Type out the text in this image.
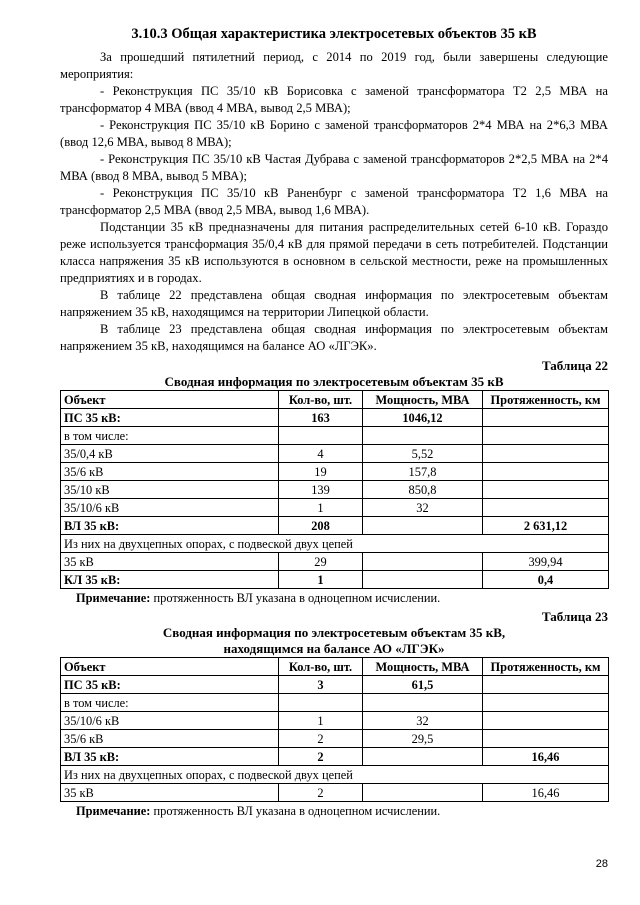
3.10.3 Общая характеристика электросетевых объектов 35 кВ

За прошедший пятилетний период, с 2014 по 2019 год, были завершены следующие мероприятия:

- Реконструкция ПС 35/10 кВ Борисовка с заменой трансформатора Т2 2,5 МВА на трансформатор 4 МВА (ввод 4 МВА, вывод 2,5 МВА);

- Реконструкция ПС 35/10 кВ Борино с заменой трансформаторов 2*4 МВА на 2*6,3 МВА (ввод 12,6 МВА, вывод 8 МВА);

- Реконструкция ПС 35/10 кВ Частая Дубрава с заменой трансформаторов 2*2,5 МВА на 2*4 МВА (ввод 8 МВА, вывод 5 МВА);

- Реконструкция ПС 35/10 кВ Раненбург с заменой трансформатора Т2 1,6 МВА на трансформатор 2,5 МВА (ввод 2,5 МВА, вывод 1,6 МВА).

Подстанции 35 кВ предназначены для питания распределительных сетей 6-10 кВ. Гораздо реже используется трансформация 35/0,4 кВ для прямой передачи в сеть потребителей. Подстанции класса напряжения 35 кВ используются в основном в сельской местности, реже на промышленных предприятиях и в городах.

В таблице 22 представлена общая сводная информация по электросетевым объектам напряжением 35 кВ, находящимся на территории Липецкой области.

В таблице 23 представлена общая сводная информация по электросетевым объектам напряжением 35 кВ, находящимся на балансе АО «ЛГЭК».

Таблица 22
Сводная информация по электросетевым объектам 35 кВ
Объект	Кол-во, шт.	Мощность, МВА	Протяженность, км
ПС 35 кВ:	163	1046,12	
в том числе:			
35/0,4 кВ	4	5,52	
35/6 кВ	19	157,8	
35/10 кВ	139	850,8	
35/10/6 кВ	1	32	
ВЛ 35 кВ:	208		2 631,12
Из них на двухцепных опорах, с подвеской двух цепей			
35 кВ	29		399,94
КЛ 35 кВ:	1		0,4
Примечание: протяженность ВЛ указана в одноцепном исчислении.
Таблица 23
Сводная информация по электросетевым объектам 35 кВ,
находящимся на балансе АО «ЛГЭК»
Объект	Кол-во, шт.	Мощность, МВА	Протяженность, км
ПС 35 кВ:	3	61,5	
в том числе:			
35/10/6 кВ	1	32	
35/6 кВ	2	29,5	
ВЛ 35 кВ:	2		16,46
Из них на двухцепных опорах, с подвеской двух цепей			
35 кВ	2		16,46
Примечание: протяженность ВЛ указана в одноцепном исчислении.
28
